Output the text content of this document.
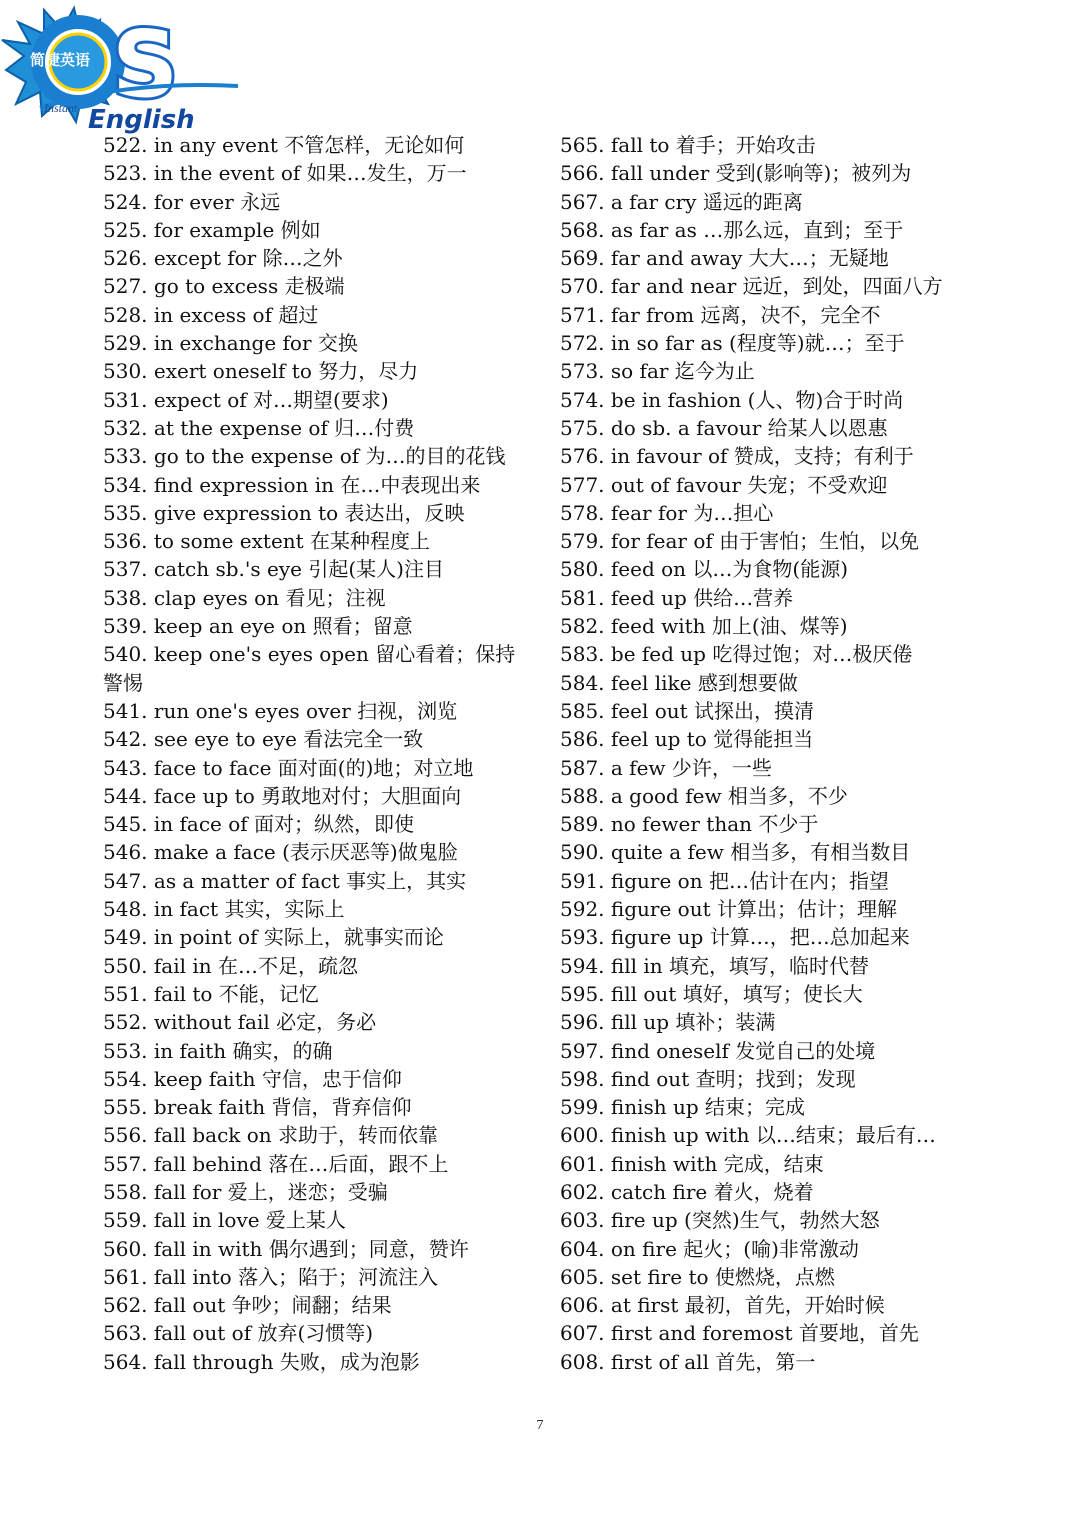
S
简捷英语
Instant English
522. in any event 不管怎样，无论如何
523. in the event of 如果…发生，万一
524. for ever 永远
525. for example 例如
526. except for 除…之外
527. go to excess 走极端
528. in excess of 超过
529. in exchange for 交换
530. exert oneself to 努力，尽力
531. expect of 对…期望(要求)
532. at the expense of 归…付费
533. go to the expense of 为…的目的花钱
534. find expression in 在…中表现出来
535. give expression to 表达出，反映
536. to some extent 在某种程度上
537. catch sb.'s eye 引起(某人)注目
538. clap eyes on 看见；注视
539. keep an eye on 照看；留意
540. keep one's eyes open 留心看着；保持警惕
541. run one's eyes over 扫视，浏览
542. see eye to eye 看法完全一致
543. face to face 面对面(的)地；对立地
544. face up to 勇敢地对付；大胆面向
545. in face of 面对；纵然，即使
546. make a face (表示厌恶等)做鬼脸
547. as a matter of fact 事实上，其实
548. in fact 其实，实际上
549. in point of 实际上，就事实而论
550. fail in 在…不足，疏忽
551. fail to 不能，记忆
552. without fail 必定，务必
553. in faith 确实，的确
554. keep faith 守信，忠于信仰
555. break faith 背信，背弃信仰
556. fall back on 求助于，转而依靠
557. fall behind 落在…后面，跟不上
558. fall for 爱上，迷恋；受骗
559. fall in love 爱上某人
560. fall in with 偶尔遇到；同意，赞许
561. fall into 落入；陷于；河流注入
562. fall out 争吵；闹翻；结果
563. fall out of 放弃(习惯等)
564. fall through 失败，成为泡影
565. fall to 着手；开始攻击
566. fall under 受到(影响等)；被列为
567. a far cry 遥远的距离
568. as far as …那么远，直到；至于
569. far and away 大大…；无疑地
570. far and near 远近，到处，四面八方
571. far from 远离，决不，完全不
572. in so far as (程度等)就…；至于
573. so far 迄今为止
574. be in fashion (人、物)合于时尚
575. do sb. a favour 给某人以恩惠
576. in favour of 赞成，支持；有利于
577. out of favour 失宠；不受欢迎
578. fear for 为…担心
579. for fear of 由于害怕；生怕，以免
580. feed on 以…为食物(能源)
581. feed up 供给…营养
582. feed with 加上(油、煤等)
583. be fed up 吃得过饱；对…极厌倦
584. feel like 感到想要做
585. feel out 试探出，摸清
586. feel up to 觉得能担当
587. a few 少许，一些
588. a good few 相当多，不少
589. no fewer than 不少于
590. quite a few 相当多，有相当数目
591. figure on 把…估计在内；指望
592. figure out 计算出；估计；理解
593. figure up 计算…，把…总加起来
594. fill in 填充，填写，临时代替
595. fill out 填好，填写；使长大
596. fill up 填补；装满
597. find oneself 发觉自己的处境
598. find out 查明；找到；发现
599. finish up 结束；完成
600. finish up with 以…结束；最后有…
601. finish with 完成，结束
602. catch fire 着火，烧着
603. fire up (突然)生气，勃然大怒
604. on fire 起火；(喻)非常激动
605. set fire to 使燃烧，点燃
606. at first 最初，首先，开始时候
607. first and foremost 首要地，首先
608. first of all 首先，第一
7
